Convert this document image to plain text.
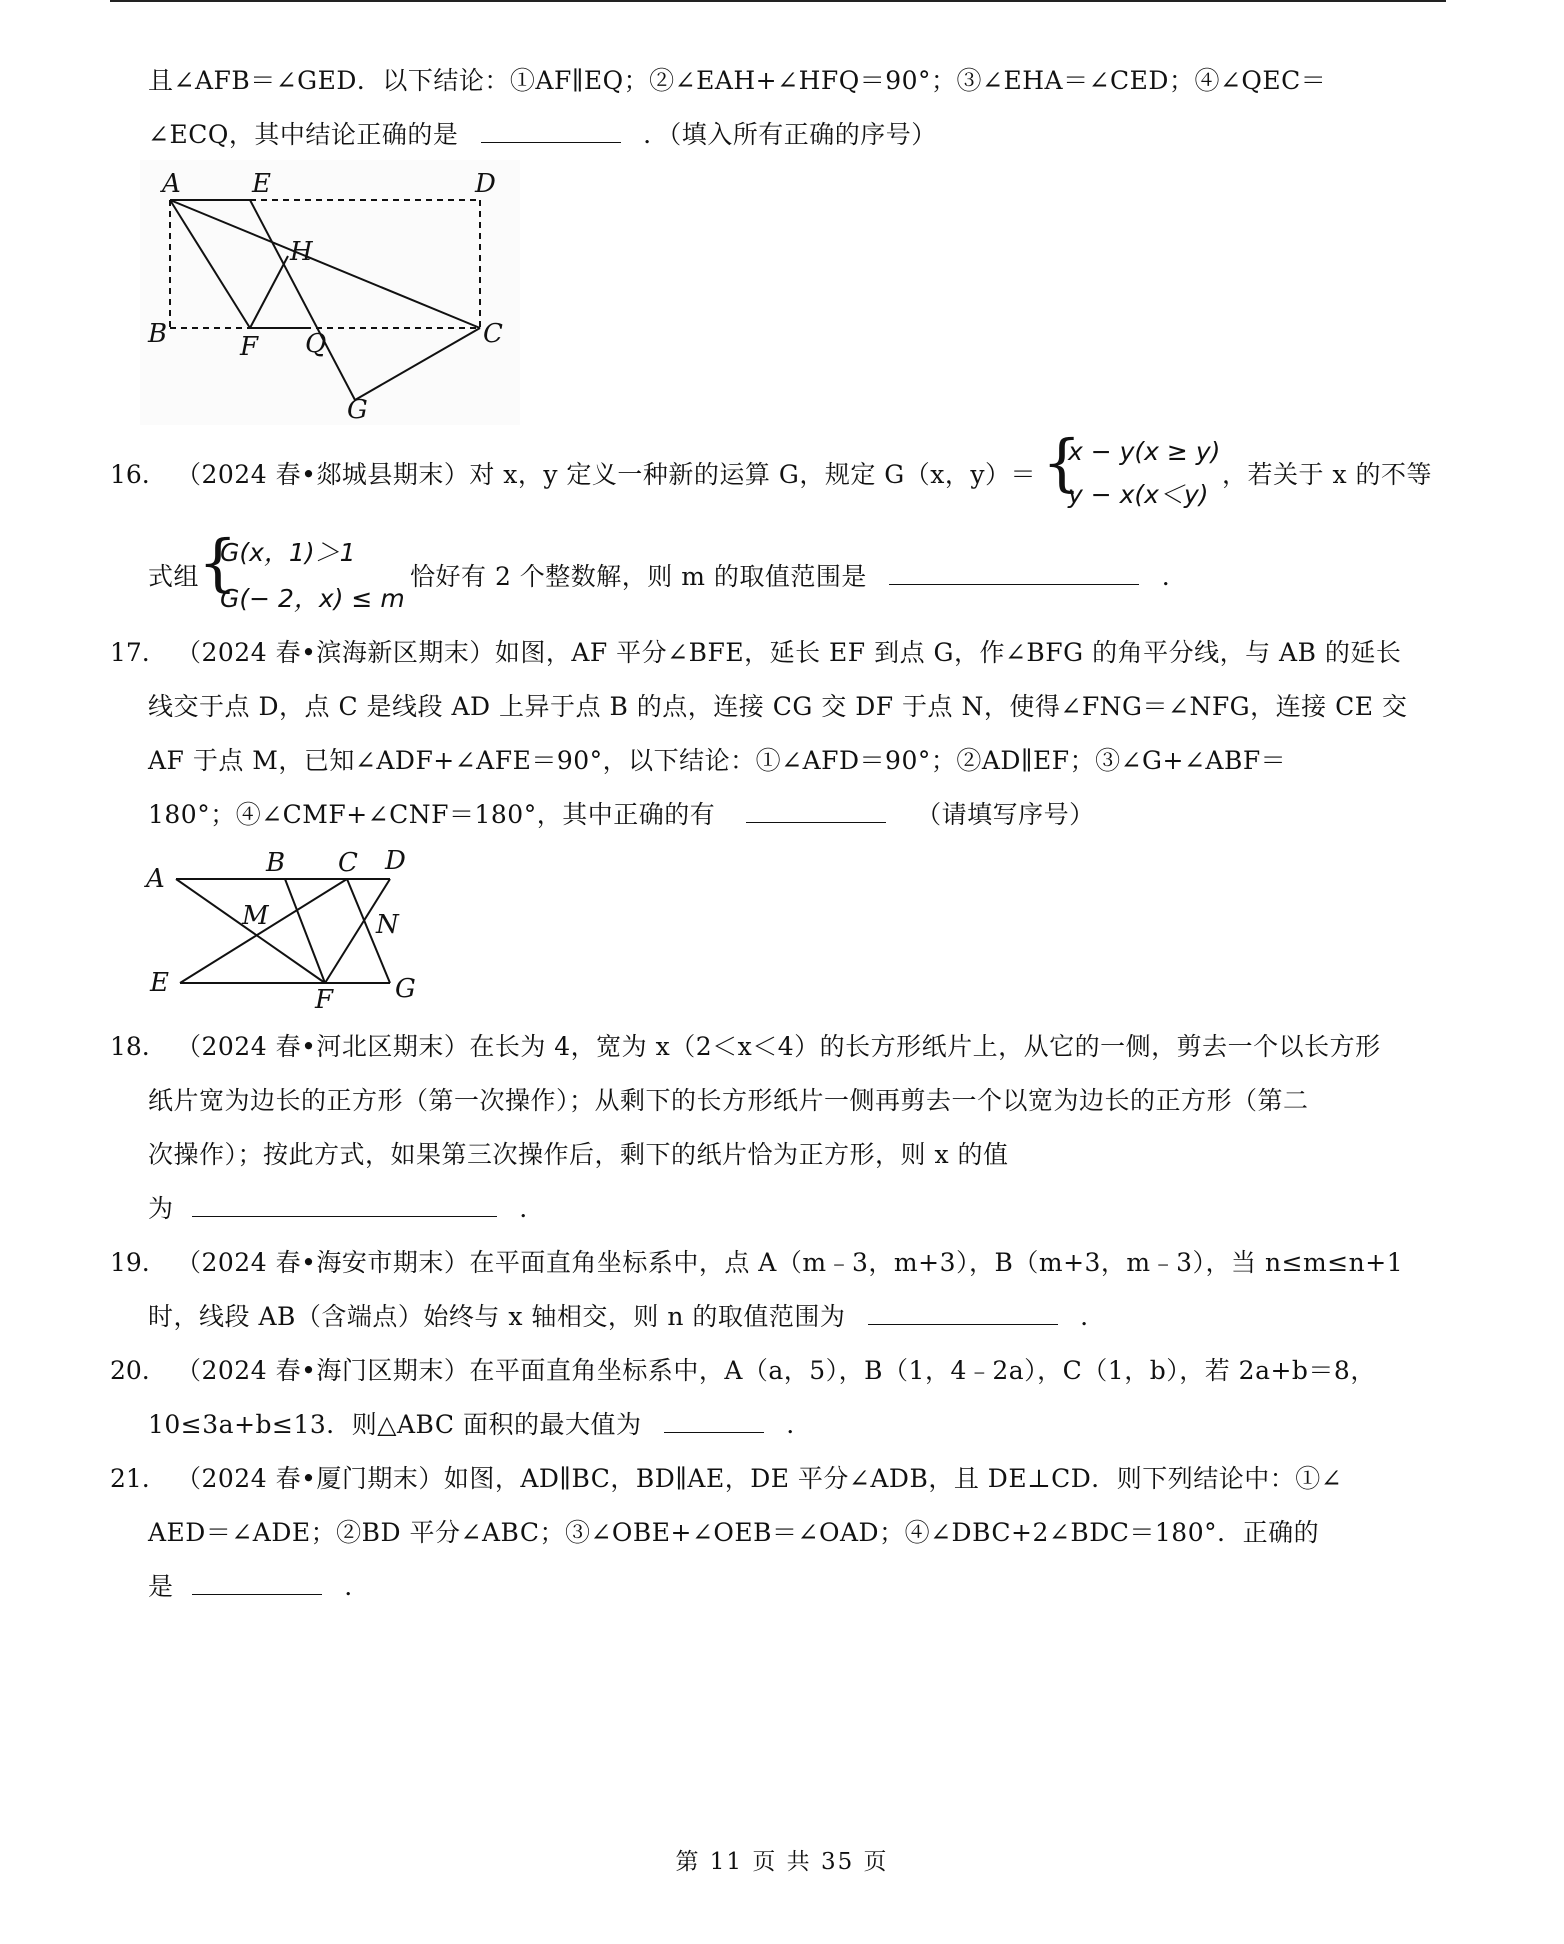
且∠AFB＝∠GED．以下结论：①AF∥EQ；②∠EAH+∠HFQ＝90°；③∠EHA＝∠CED；④∠QEC＝
∠ECQ，其中结论正确的是	．（填入所有正确的序号）
A	E	D
H
B	F Q	C
G
16. （2024 春•郯城县期末）对 x，y 定义一种新的运算 G，规定 G（x，y）＝ {
x − y(x ≥ y)
y − x(x＜y)
，若关于 x 的不等
式组
{
G(x，1)＞1
G(− 2，x) ≤ m
恰好有 2 个整数解，则 m 的取值范围是	．
17. （2024 春•滨海新区期末）如图，AF 平分∠BFE，延长 EF 到点 G，作∠BFG 的角平分线，与 AB 的延长
线交于点 D，点 C 是线段 AD 上异于点 B 的点，连接 CG 交 DF 于点 N，使得∠FNG＝∠NFG，连接 CE 交
AF 于点 M，已知∠ADF+∠AFE＝90°，以下结论：①∠AFD＝90°；②AD∥EF；③∠G+∠ABF＝
180°；④∠CMF+∠CNF＝180°，其中正确的有	（请填写序号）
A
B C D
M	N
E
F G
18. （2024 春•河北区期末）在长为 4，宽为 x（2＜x＜4）的长方形纸片上，从它的一侧，剪去一个以长方形
纸片宽为边长的正方形（第一次操作）；从剩下的长方形纸片一侧再剪去一个以宽为边长的正方形（第二
次操作）；按此方式，如果第三次操作后，剩下的纸片恰为正方形，则 x 的值
为	．
19. （2024 春•海安市期末）在平面直角坐标系中，点 A（m﹣3，m+3），B（m+3，m﹣3），当 n≤m≤n+1
时，线段 AB（含端点）始终与 x 轴相交，则 n 的取值范围为	．
20. （2024 春•海门区期末）在平面直角坐标系中，A（a，5），B（1，4﹣2a），C（1，b），若 2a+b＝8，
10≤3a+b≤13．则△ABC 面积的最大值为	．
21. （2024 春•厦门期末）如图，AD∥BC，BD∥AE，DE 平分∠ADB，且 DE⊥CD．则下列结论中：①∠
AED＝∠ADE；②BD 平分∠ABC；③∠OBE+∠OEB＝∠OAD；④∠DBC+2∠BDC＝180°．正确的
是	．
第 11 页 共 35 页
